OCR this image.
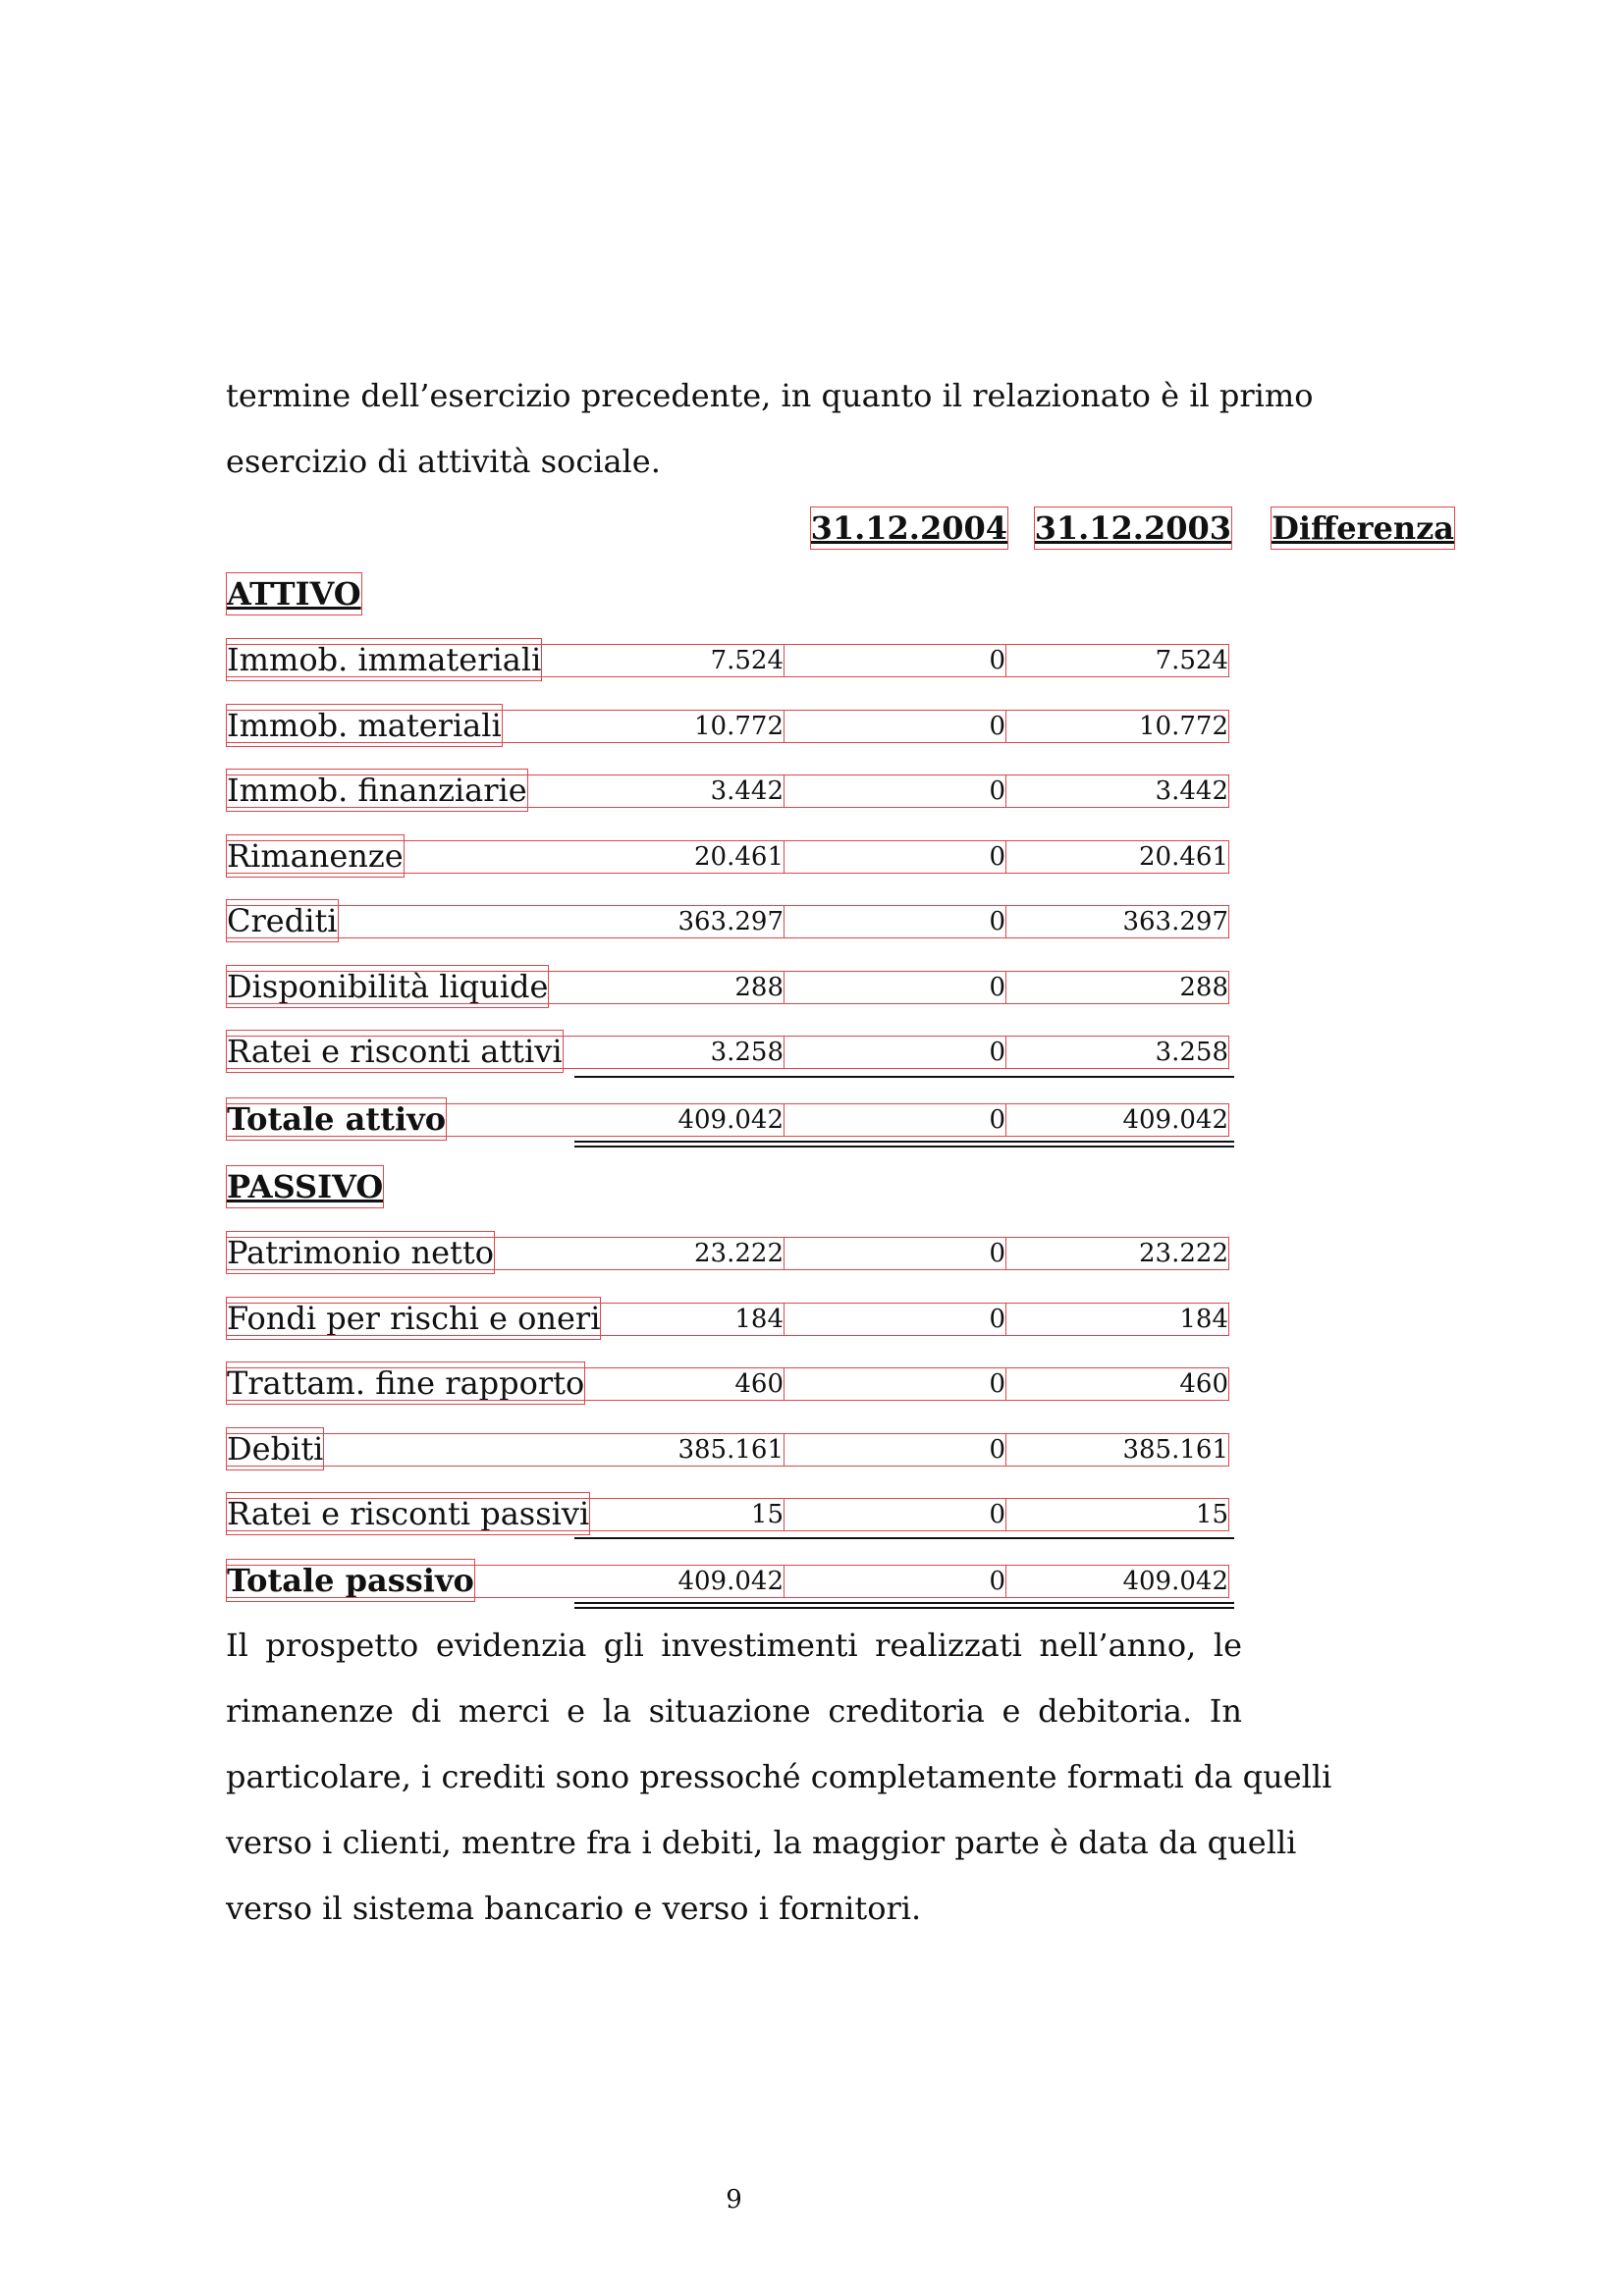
termine dell’esercizio precedente, in quanto il relazionato è il primo
esercizio di attività sociale.
31.12.2004 31.12.2003 Differenza
ATTIVO
Immob. immateriali	7.524	0	7.524
Immob. materiali	10.772	0	10.772
Immob. finanziarie	3.442	0	3.442
Rimanenze	20.461	0	20.461
Crediti	363.297	0	363.297
Disponibilità liquide	288	0	288
Ratei e risconti attivi	3.258	0	3.258
Totale attivo	409.042	0	409.042
PASSIVO
Patrimonio netto	23.222	0	23.222
Fondi per rischi e oneri	184	0	184
Trattam. fine rapporto	460	0	460
Debiti	385.161	0	385.161
Ratei e risconti passivi	15	0	15
Totale passivo	409.042	0	409.042
Il prospetto evidenzia gli investimenti realizzati nell’anno, le
rimanenze di merci e la situazione creditoria e debitoria. In
particolare, i crediti sono pressoché completamente formati da quelli
verso i clienti, mentre fra i debiti, la maggior parte è data da quelli
verso il sistema bancario e verso i fornitori.
9
